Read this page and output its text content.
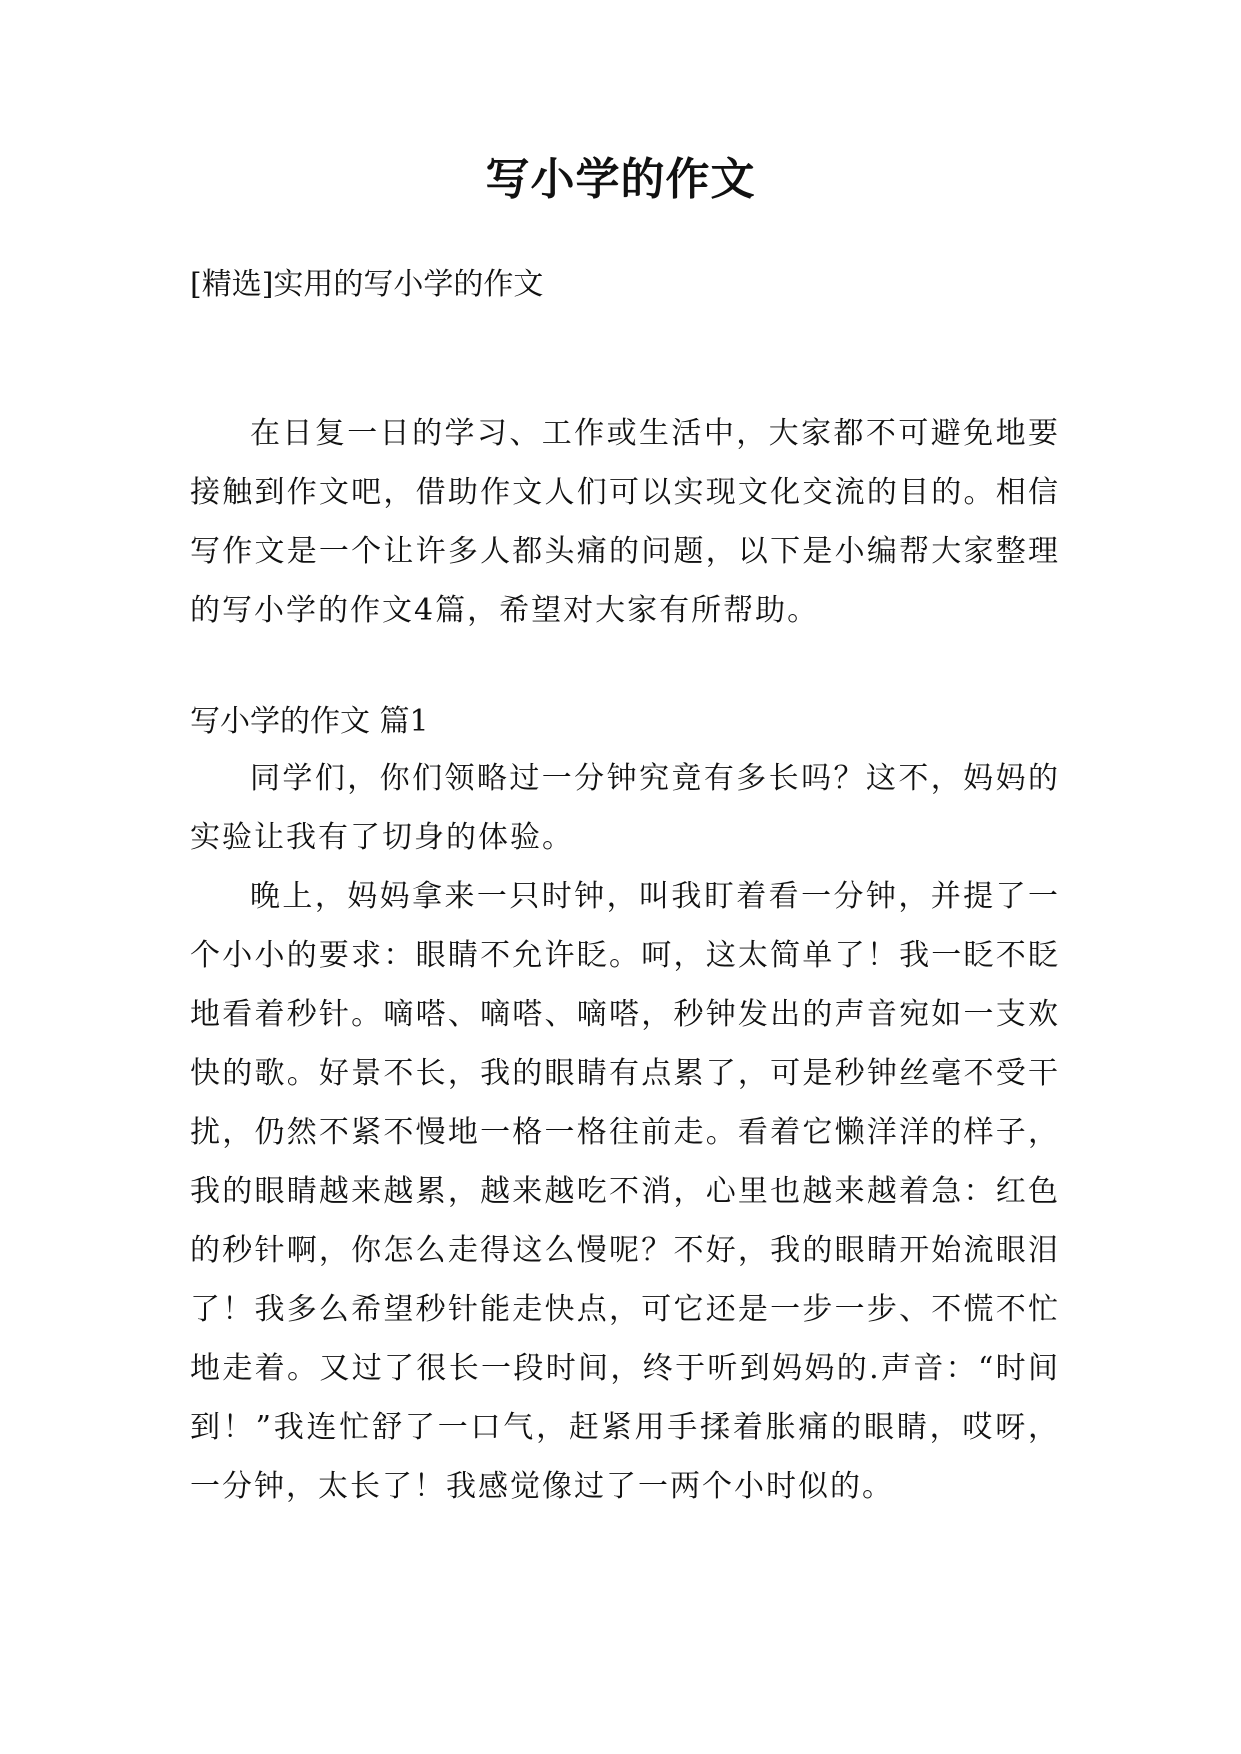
写小学的作文

[精选]实用的写小学的作文

在日复一日的学习、工作或生活中，大家都不可避免地要接触到作文吧，借助作文人们可以实现文化交流的目的。相信写作文是一个让许多人都头痛的问题，以下是小编帮大家整理的写小学的作文4篇，希望对大家有所帮助。

写小学的作文 篇1

同学们，你们领略过一分钟究竟有多长吗？这不，妈妈的实验让我有了切身的体验。

晚上，妈妈拿来一只时钟，叫我盯着看一分钟，并提了一个小小的要求：眼睛不允许眨。呵，这太简单了！我一眨不眨地看着秒针。嘀嗒、嘀嗒、嘀嗒，秒钟发出的声音宛如一支欢快的歌。好景不长，我的眼睛有点累了，可是秒钟丝毫不受干扰，仍然不紧不慢地一格一格往前走。看着它懒洋洋的样子，我的眼睛越来越累，越来越吃不消，心里也越来越着急：红色的秒针啊，你怎么走得这么慢呢？不好，我的眼睛开始流眼泪了！我多么希望秒针能走快点，可它还是一步一步、不慌不忙地走着。又过了很长一段时间，终于听到妈妈的.声音：“时间到！”我连忙舒了一口气，赶紧用手揉着胀痛的眼睛，哎呀，一分钟，太长了！我感觉像过了一两个小时似的。
